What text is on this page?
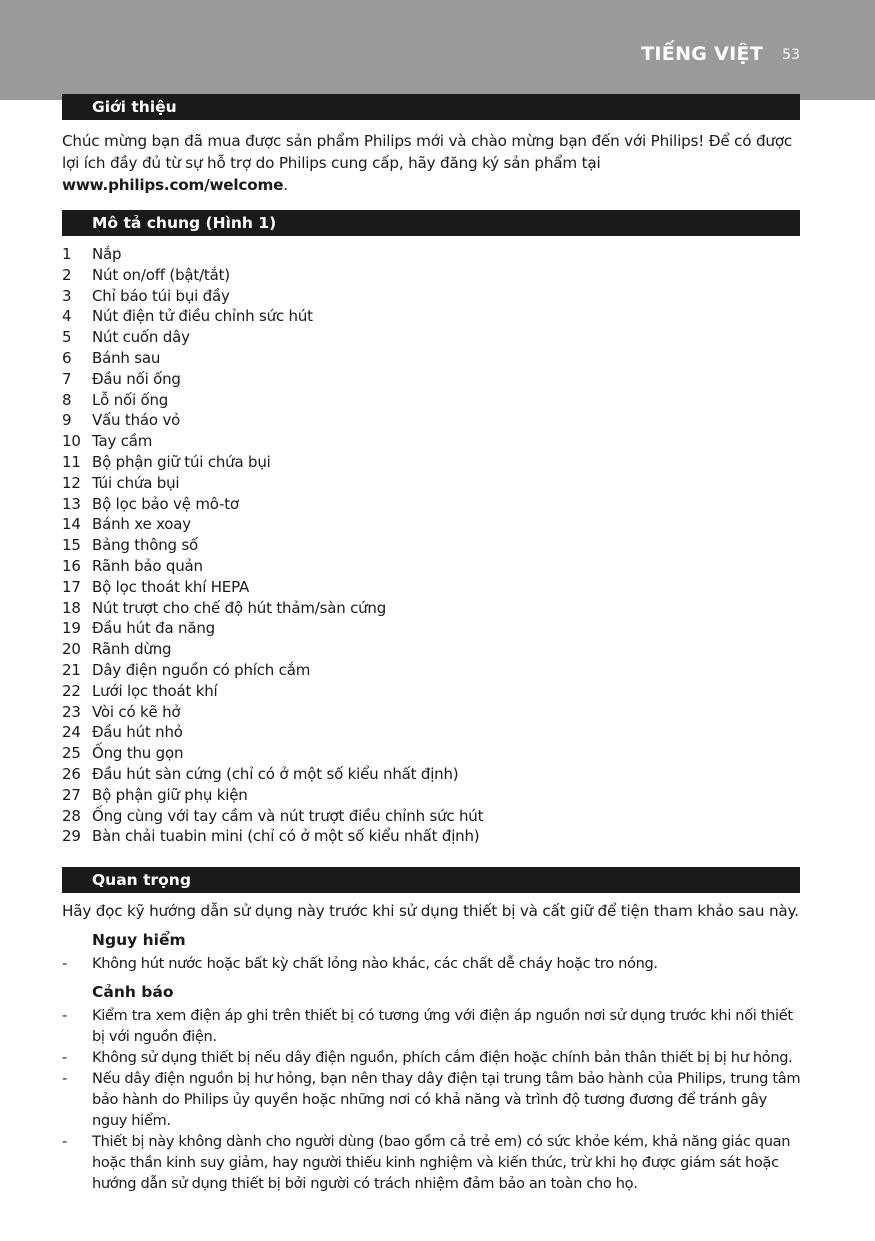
TIẾNG VIỆT 53
Giới thiệu
Chúc mừng bạn đã mua được sản phẩm Philips mới và chào mừng bạn đến với Philips! Để có được lợi ích đầy đủ từ sự hỗ trợ do Philips cung cấp, hãy đăng ký sản phẩm tại www.philips.com/welcome.
Mô tả chung (Hình 1)
1 Nắp
2 Nút on/off (bật/tắt)
3 Chỉ báo túi bụi đầy
4 Nút điện tử điều chỉnh sức hút
5 Nút cuốn dây
6 Bánh sau
7 Đầu nối ống
8 Lỗ nối ống
9 Vấu tháo vỏ
10 Tay cầm
11 Bộ phận giữ túi chứa bụi
12 Túi chứa bụi
13 Bộ lọc bảo vệ mô-tơ
14 Bánh xe xoay
15 Bảng thông số
16 Rãnh bảo quản
17 Bộ lọc thoát khí HEPA
18 Nút trượt cho chế độ hút thảm/sàn cứng
19 Đầu hút đa năng
20 Rãnh dừng
21 Dây điện nguồn có phích cắm
22 Lưới lọc thoát khí
23 Vòi có kẽ hở
24 Đầu hút nhỏ
25 Ống thu gọn
26 Đầu hút sàn cứng (chỉ có ở một số kiểu nhất định)
27 Bộ phận giữ phụ kiện
28 Ống cùng với tay cầm và nút trượt điều chỉnh sức hút
29 Bàn chải tuabin mini (chỉ có ở một số kiểu nhất định)
Quan trọng
Hãy đọc kỹ hướng dẫn sử dụng này trước khi sử dụng thiết bị và cất giữ để tiện tham khảo sau này.
Nguy hiểm
- Không hút nước hoặc bất kỳ chất lỏng nào khác, các chất dễ cháy hoặc tro nóng.
Cảnh báo
- Kiểm tra xem điện áp ghi trên thiết bị có tương ứng với điện áp nguồn nơi sử dụng trước khi nối thiết bị với nguồn điện.
- Không sử dụng thiết bị nếu dây điện nguồn, phích cắm điện hoặc chính bản thân thiết bị bị hư hỏng.
- Nếu dây điện nguồn bị hư hỏng, bạn nên thay dây điện tại trung tâm bảo hành của Philips, trung tâm bảo hành do Philips ủy quyền hoặc những nơi có khả năng và trình độ tương đương để tránh gây nguy hiểm.
- Thiết bị này không dành cho người dùng (bao gồm cả trẻ em) có sức khỏe kém, khả năng giác quan hoặc thần kinh suy giảm, hay người thiếu kinh nghiệm và kiến thức, trừ khi họ được giám sát hoặc hướng dẫn sử dụng thiết bị bởi người có trách nhiệm đảm bảo an toàn cho họ.
